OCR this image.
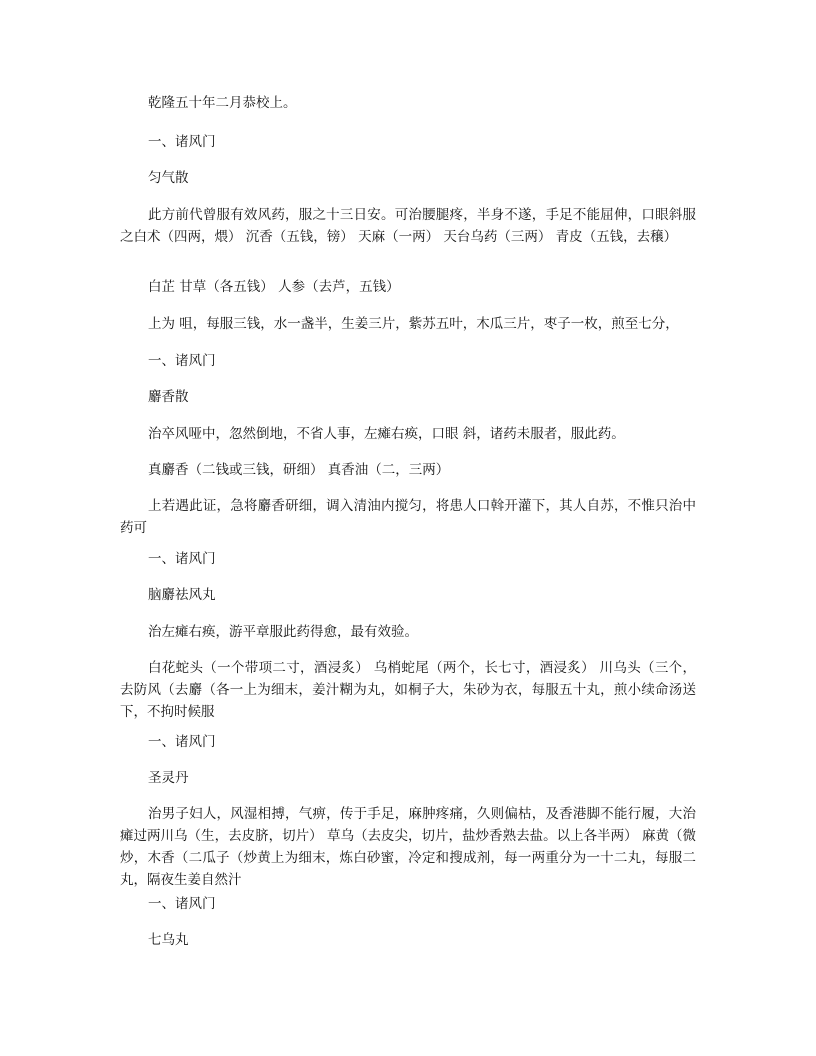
乾隆五十年二月恭校上。

一、诸风门

匀气散

此方前代曾服有效风药，服之十三日安。可治腰腿疼，半身不遂，手足不能屈伸，口眼斜服之白术（四两，煨） 沉香（五钱，镑） 天麻（一两） 天台乌药（三两） 青皮（五钱，去穣）

白芷 甘草（各五钱） 人参（去芦，五钱）

上为 咀，每服三钱，水一盏半，生姜三片，紫苏五叶，木瓜三片，枣子一枚，煎至七分，

一、诸风门

麝香散

治卒风哑中，忽然倒地，不省人事，左瘫右痪，口眼 斜，诸药未服者，服此药。

真麝香（二钱或三钱，研细） 真香油（二，三两）

上若遇此证，急将麝香研细，调入清油内搅匀，将患人口斡开灌下，其人自苏，不惟只治中药可

一、诸风门

脑麝祛风丸

治左瘫右痪，游平章服此药得愈，最有效验。

白花蛇头（一个带项二寸，酒浸炙） 乌梢蛇尾（两个，长七寸，酒浸炙） 川乌头（三个，去防风（去麝（各一上为细末，姜汁糊为丸，如桐子大，朱砂为衣，每服五十丸，煎小续命汤送下，不拘时候服

一、诸风门

圣灵丹

治男子妇人，风湿相搏，气痹，传于手足，麻肿疼痛，久则偏枯，及香港脚不能行履，大治瘫过两川乌（生，去皮脐，切片） 草乌（去皮尖，切片，盐炒香熟去盐。以上各半两） 麻黄（微炒，木香（二瓜子（炒黄上为细末，炼白砂蜜，冷定和搜成剂，每一两重分为一十二丸，每服二丸，隔夜生姜自然汁

一、诸风门

七乌丸
